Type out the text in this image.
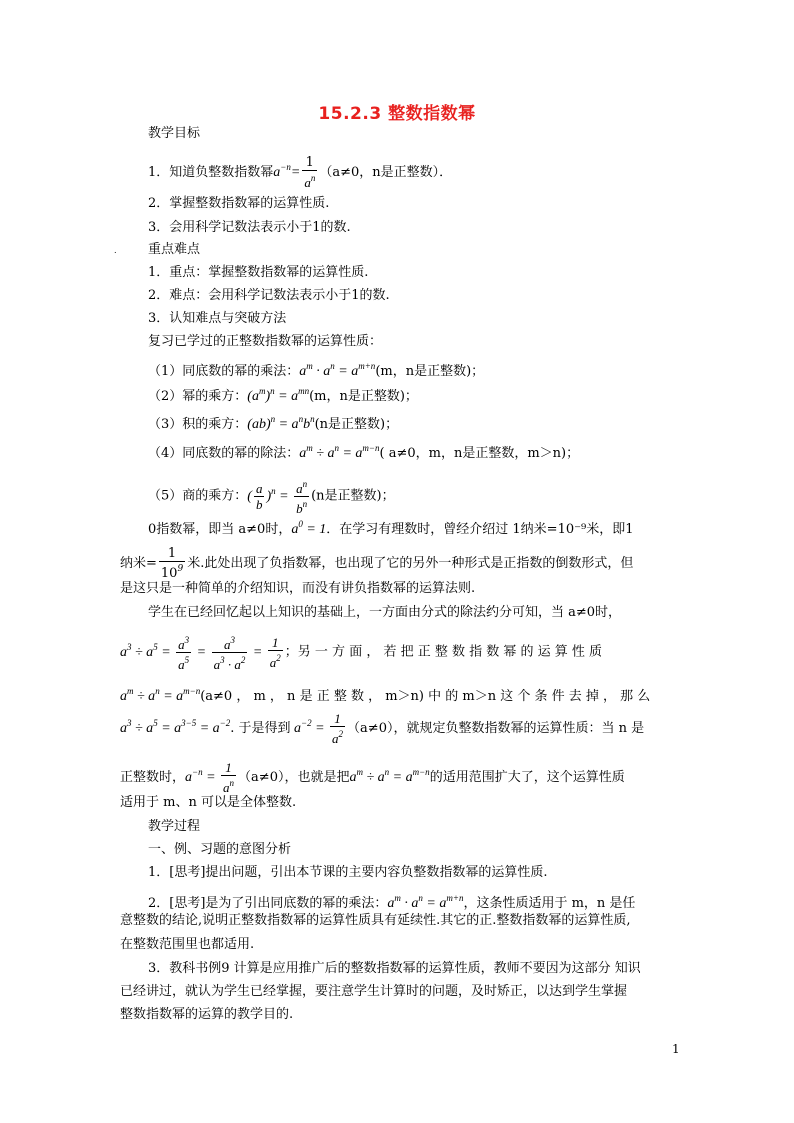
15.2.3 整数指数幂
教学目标
1．知道负整数指数幂$a^{-n}= \frac{1}{a^n} (a\ne 0$，n是正整数）．
2．掌握整数指数幂的运算性质.
3．会用科学记数法表示小于1的数.
. 重点难点
1．重点：掌握整数指数幂的运算性质.
2．难点：会用科学记数法表示小于1的数.
3．认知难点与突破方法
复习已学过的正整数指数幂的运算性质：
（1）同底数的幂的乘法：$a^m \cdot a^n = a^{m+n}(m$，n是正整数)；
（2）幂的乘方：$(a^m)^n = a^{mn}(m$，n是正整数)；
（3）积的乘方：$(ab)^n = a^nb^n(n$是正整数)；
（4）同底数的幂的除法：$a^m \div a^n = a^{m-n}$( a≠0，m，n是正整数，m＞n)；
（5）商的乘方：( $\frac{a}{b} )^n = \frac{a^n}{b^n} (n$是正整数)；
0指数幂，即当 a≠0时，$a^0 = 1$．在学习有理数时，曾经介绍过 1纳米=10⁻⁹米，即1
纳米= $\frac{1}{10^9}$ 米.此处出现了负指数幂，也出现了它的另外一种形式是正指数的倒数形式，但
是这只是一种简单的介绍知识，而没有讲负指数幂的运算法则.
学生在已经回忆起以上知识的基础上，一方面由分式的除法约分可知，当 a≠0时，
$a^3 \div a^5 = \frac{a^3}{a^5} = \frac{a^3}{a^3 \cdot a^2} = \frac{1}{a^2}$ ；另 一 方 面 ， 若 把 正 整 数 指 数 幂 的 运 算 性 质
$a^m \div a^n = a^{m-n}(a\ne 0$ ， m ， n 是 正 整 数 ， m＞n) 中 的 m＞n 这 个 条 件 去 掉 ， 那 么
$a^3 \div a^5 = a^{3-5} = a^{-2}$. 于是得到 $a^{-2} = \frac{1}{a^2} (a\ne 0)$，就规定负整数指数幂的运算性质：当 n 是
正整数时，$a^{-n} = \frac{1}{a^n} (a\ne 0)$，也就是把$a^m \div a^n = a^{m-n}$的适用范围扩大了，这个运算性质
适用于 m、n 可以是全体整数.
教学过程
一、例、习题的意图分析
1．[思考]提出问题，引出本节课的主要内容负整数指数幂的运算性质.
2．[思考]是为了引出同底数的幂的乘法：$a^m \cdot a^n = a^{m+n}$，这条性质适用于 m，n 是任
意整数的结论,说明正整数指数幂的运算性质具有延续性.其它的正.整数指数幂的运算性质,
在整数范围里也都适用.
3．教科书例9 计算是应用推广后的整数指数幂的运算性质，教师不要因为这部分 知识
已经讲过，就认为学生已经掌握，要注意学生计算时的问题，及时矫正，以达到学生掌握
整数指数幂的运算的教学目的.
1
